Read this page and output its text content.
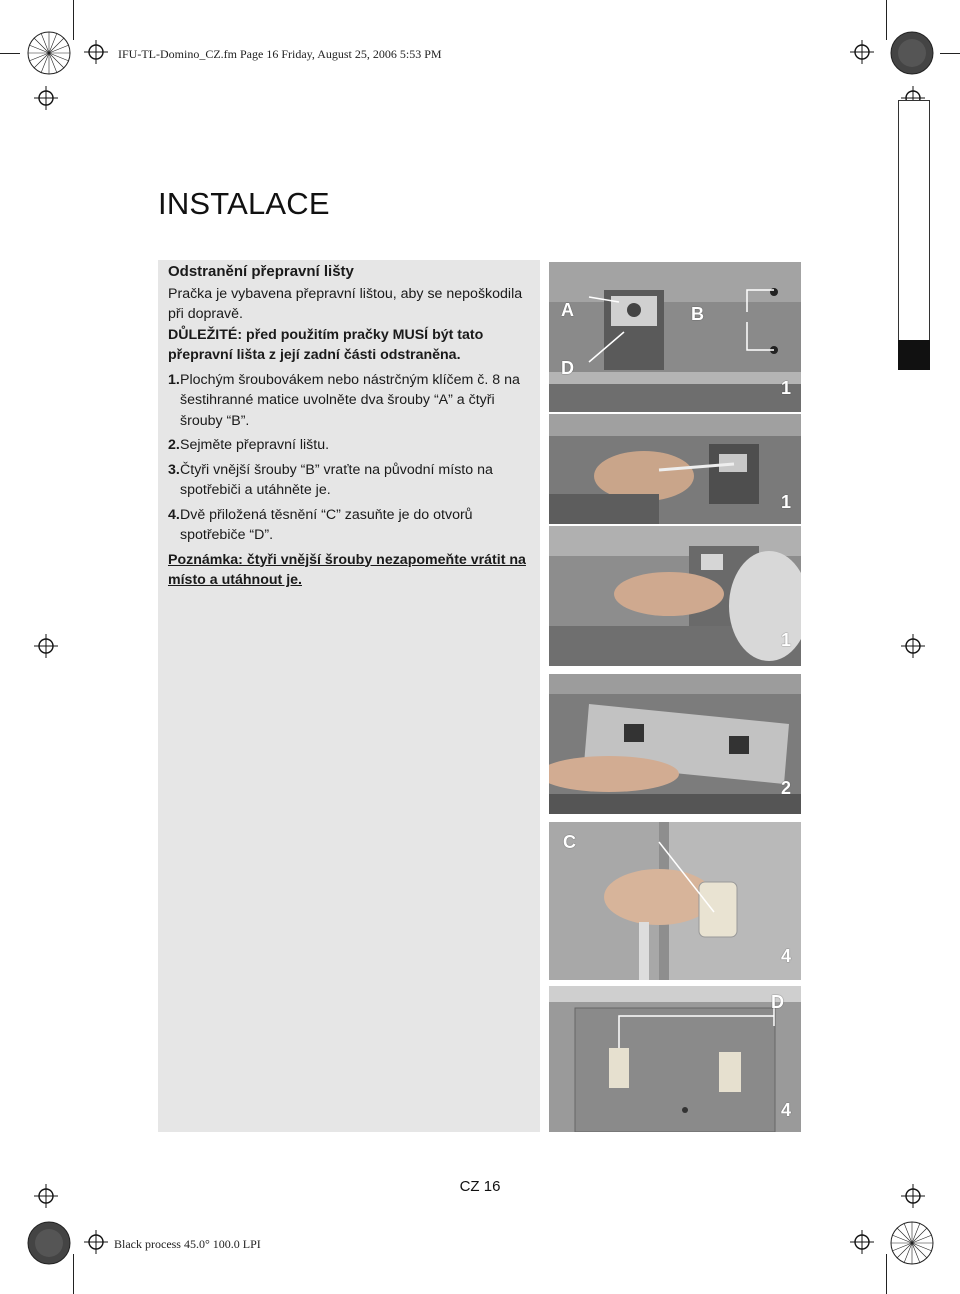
IFU-TL-Domino_CZ.fm Page 16 Friday, August 25, 2006 5:53 PM
Black process 45.0° 100.0 LPI
INSTALACE

Odstranění přepravní lišty

Pračka je vybavena přepravní lištou, aby se nepoškodila při dopravě.

DŮLEŽITÉ: před použitím pračky MUSÍ být tato přepravní lišta z její zadní části odstraněna.

1. Plochým šroubovákem nebo nástrčným klíčem č. 8 na šestihranné matice uvolněte dva šrouby “A” a čtyři šrouby “B”.
2. Sejměte přepravní lištu.
3. Čtyři vnější šrouby “B” vraťte na původní místo na spotřebiči a utáhněte je.
4. Dvě přiložená těsnění “C” zasuňte je do otvorů spotřebiče “D”.

Poznámka: čtyři vnější šrouby nezapomeňte vrátit na místo a utáhnout je.

A
D
B
1
1
1
2
C
4
D
4
CZ 16
